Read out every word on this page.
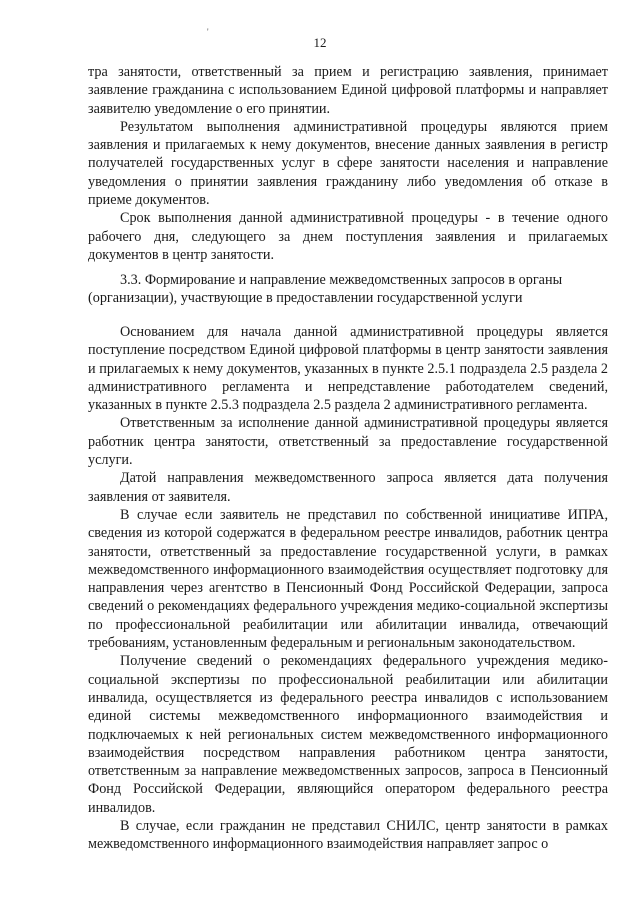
'
12

тра занятости, ответственный за прием и регистрацию заявления, принимает заявление гражданина с использованием Единой цифровой платформы и направляет заявителю уведомление о его принятии.

Результатом выполнения административной процедуры являются прием заявления и прилагаемых к нему документов, внесение данных заявления в регистр получателей государственных услуг в сфере занятости населения и направление уведомления о принятии заявления гражданину либо уведомления об отказе в приеме документов.

Срок выполнения данной административной процедуры - в течение одного рабочего дня, следующего за днем поступления заявления и прилагаемых документов в центр занятости.

3.3. Формирование и направление межведомственных запросов в органы (организации), участвующие в предоставлении государственной услуги

Основанием для начала данной административной процедуры является поступление посредством Единой цифровой платформы в центр занятости заявления и прилагаемых к нему документов, указанных в пункте 2.5.1 подраздела 2.5 раздела 2 административного регламента и непредставление работодателем сведений, указанных в пункте 2.5.3 подраздела 2.5 раздела 2 административного регламента.

Ответственным за исполнение данной административной процедуры является работник центра занятости, ответственный за предоставление государственной услуги.

Датой направления межведомственного запроса является дата получения заявления от заявителя.

В случае если заявитель не представил по собственной инициативе ИПРА, сведения из которой содержатся в федеральном реестре инвалидов, работник центра занятости, ответственный за предоставление государственной услуги, в рамках межведомственного информационного взаимодействия осуществляет подготовку для направления через агентство в Пенсионный Фонд Российской Федерации, запроса сведений о рекомендациях федерального учреждения медико-социальной экспертизы по профессиональной реабилитации или абилитации инвалида, отвечающий требованиям, установленным федеральным и региональным законодательством.

Получение сведений о рекомендациях федерального учреждения медико-социальной экспертизы по профессиональной реабилитации или абилитации инвалида, осуществляется из федерального реестра инвалидов с использованием единой системы межведомственного информационного взаимодействия и подключаемых к ней региональных систем межведомственного информационного взаимодействия посредством направления работником центра занятости, ответственным за направление межведомственных запросов, запроса в Пенсионный Фонд Российской Федерации, являющийся оператором федерального реестра инвалидов.

В случае, если гражданин не представил СНИЛС, центр занятости в рамках межведомственного информационного взаимодействия направляет запрос о
